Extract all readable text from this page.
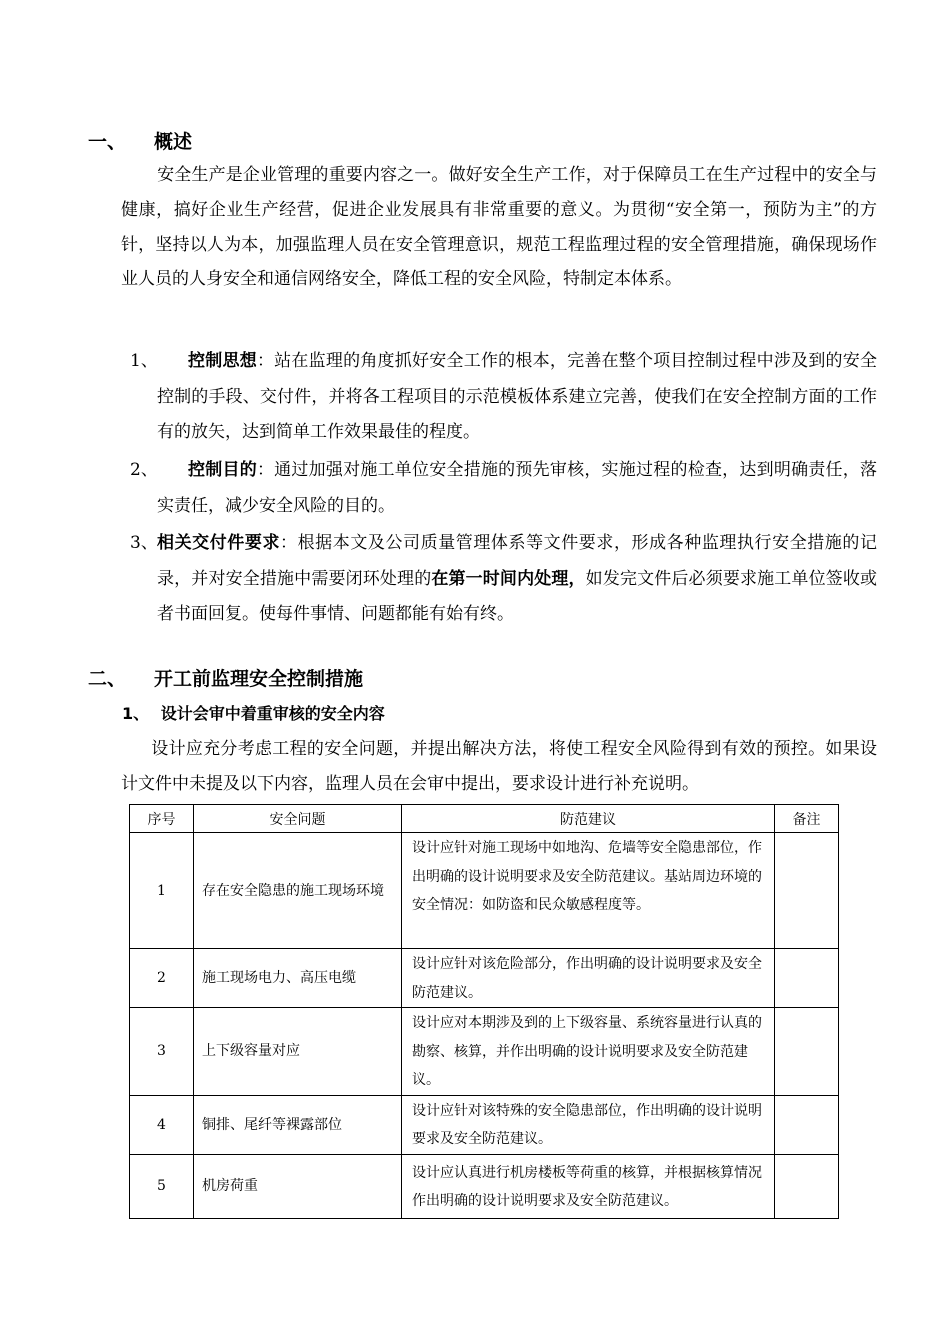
一、 概述
安全生产是企业管理的重要内容之一。做好安全生产工作，对于保障员工在生产过程中的安全与健康，搞好企业生产经营，促进企业发展具有非常重要的意义。为贯彻“安全第一，预防为主”的方针，坚持以人为本，加强监理人员在安全管理意识，规范工程监理过程的安全管理措施，确保现场作业人员的人身安全和通信网络安全，降低工程的安全风险，特制定本体系。
1、 控制思想：站在监理的角度抓好安全工作的根本，完善在整个项目控制过程中涉及到的安全控制的手段、交付件，并将各工程项目的示范模板体系建立完善，使我们在安全控制方面的工作有的放矢，达到简单工作效果最佳的程度。
2、 控制目的：通过加强对施工单位安全措施的预先审核，实施过程的检查，达到明确责任，落实责任，减少安全风险的目的。
3、 相关交付件要求：根据本文及公司质量管理体系等文件要求，形成各种监理执行安全措施的记录，并对安全措施中需要闭环处理的在第一时间内处理，如发完文件后必须要求施工单位签收或者书面回复。使每件事情、问题都能有始有终。
二、 开工前监理安全控制措施
1、 设计会审中着重审核的安全内容
设计应充分考虑工程的安全问题，并提出解决方法，将使工程安全风险得到有效的预控。如果设计文件中未提及以下内容，监理人员在会审中提出，要求设计进行补充说明。
序号	安全问题	防范建议	备注
1	存在安全隐患的施工现场环境	设计应针对施工现场中如地沟、危墙等安全隐患部位，作出明确的设计说明要求及安全防范建议。基站周边环境的安全情况：如防盗和民众敏感程度等。	

2	施工现场电力、高压电缆	设计应针对该危险部分，作出明确的设计说明要求及安全防范建议。	

3	上下级容量对应	设计应对本期涉及到的上下级容量、系统容量进行认真的勘察、核算，并作出明确的设计说明要求及安全防范建议。	

4	铜排、尾纤等裸露部位	设计应针对该特殊的安全隐患部位，作出明确的设计说明要求及安全防范建议。	

5	机房荷重	设计应认真进行机房楼板等荷重的核算，并根据核算情况作出明确的设计说明要求及安全防范建议。	
